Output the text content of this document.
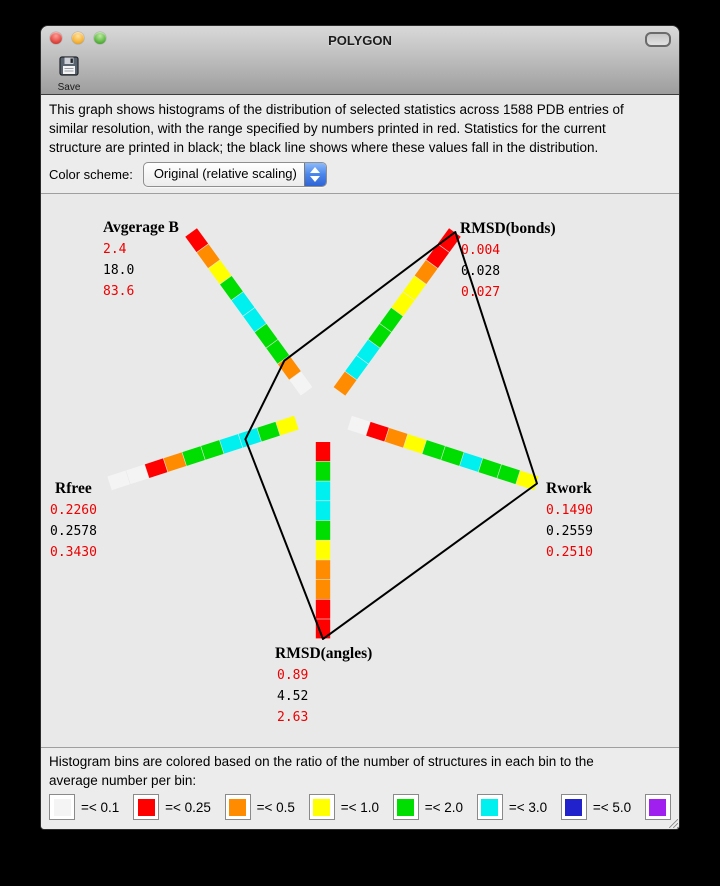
POLYGON
Save
This graph shows histograms of the distribution of selected statistics across 1588 PDB entries of
similar resolution, with the range specified by numbers printed in red. Statistics for the current
structure are printed in black; the black line shows where these values fall in the distribution.
Color scheme: Original (relative scaling)
Avgerage B
2.4
18.0
83.6
RMSD(bonds)
0.004
0.028
0.027
Rwork
0.1490
0.2559
0.2510
RMSD(angles)
0.89
4.52
2.63
Rfree
0.2260
0.2578
0.3430
Histogram bins are colored based on the ratio of the number of structures in each bin to the
average number per bin:
=< 0.1	=< 0.25	=< 0.5	=< 1.0	=< 2.0	=< 3.0	=< 5.0
